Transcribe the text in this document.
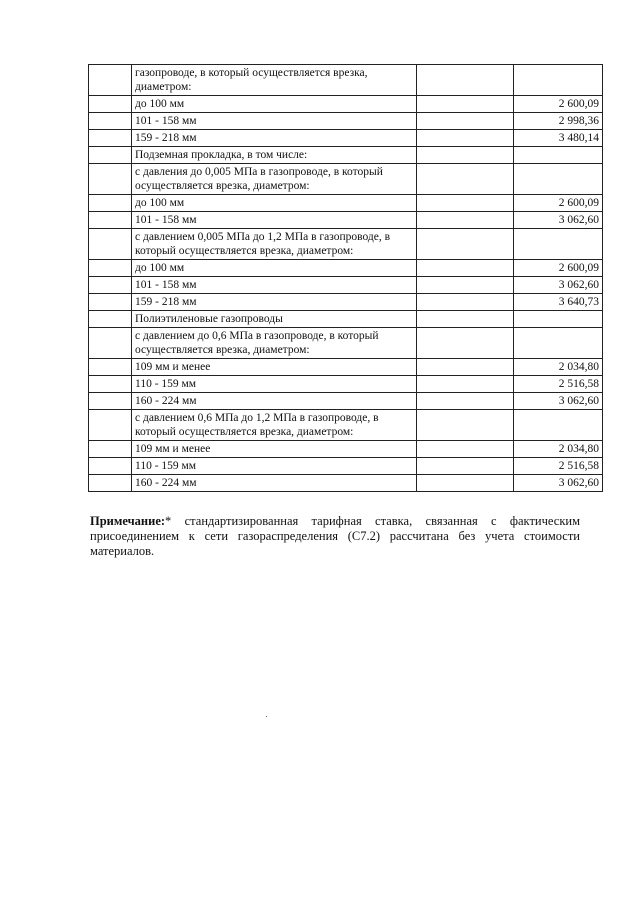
	газопроводе, в который осуществляется врезка, диаметром:		
	до 100 мм		2 600,09
	101 - 158 мм		2 998,36
	159 - 218 мм		3 480,14
	Подземная прокладка, в том числе:		
	с давления до 0,005 МПа в газопроводе, в который осуществляется врезка, диаметром:		
	до 100 мм		2 600,09
	101 - 158 мм		3 062,60
	с давлением 0,005 МПа до 1,2 МПа в газопроводе, в который осуществляется врезка, диаметром:		
	до 100 мм		2 600,09
	101 - 158 мм		3 062,60
	159 - 218 мм		3 640,73
	Полиэтиленовые газопроводы		
	с давлением до 0,6 МПа в газопроводе, в который осуществляется врезка, диаметром:		
	109 мм и менее		2 034,80
	110 - 159 мм		2 516,58
	160 - 224 мм		3 062,60
	с давлением 0,6 МПа до 1,2 МПа в газопроводе, в который осуществляется врезка, диаметром:		
	109 мм и менее		2 034,80
	110 - 159 мм		2 516,58
	160 - 224 мм		3 062,60
Примечание:* стандартизированная тарифная ставка, связанная с фактическим присоединением к сети газораспределения (С7.2) рассчитана без учета стоимости материалов.
